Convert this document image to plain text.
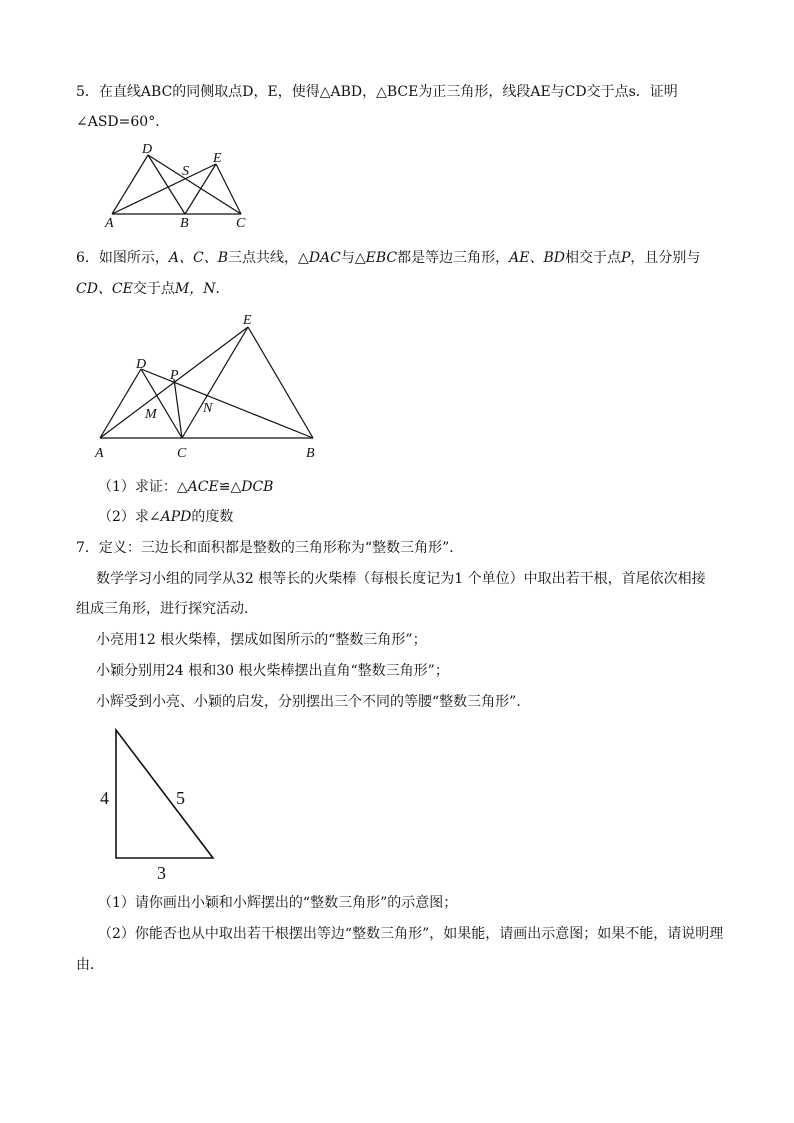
5．在直线ABC的同侧取点D，E，使得△ABD，△BCE为正三角形，线段AE与CD交于点s．证明
∠ASD=60°．
D
E
S
A	B	C
6．如图所示，A、C、B三点共线，△DAC与△EBC都是等边三角形，AE、BD相交于点P，且分别与
CD、CE交于点M，N．
E
D
P
M	N
A	C	B
（1）求证：△ACE≌△DCB
（2）求∠APD的度数
7．定义：三边长和面积都是整数的三角形称为“整数三角形”．
数学学习小组的同学从32 根等长的火柴棒（每根长度记为1 个单位）中取出若干根，首尾依次相接
组成三角形，进行探究活动．
小亮用12 根火柴棒，摆成如图所示的“整数三角形”；
小颖分别用24 根和30 根火柴棒摆出直角“整数三角形”；
小辉受到小亮、小颖的启发，分别摆出三个不同的等腰“整数三角形”．
4	5
3
（1）请你画出小颖和小辉摆出的“整数三角形”的示意图；
（2）你能否也从中取出若干根摆出等边“整数三角形”，如果能，请画出示意图；如果不能，请说明理
由．
